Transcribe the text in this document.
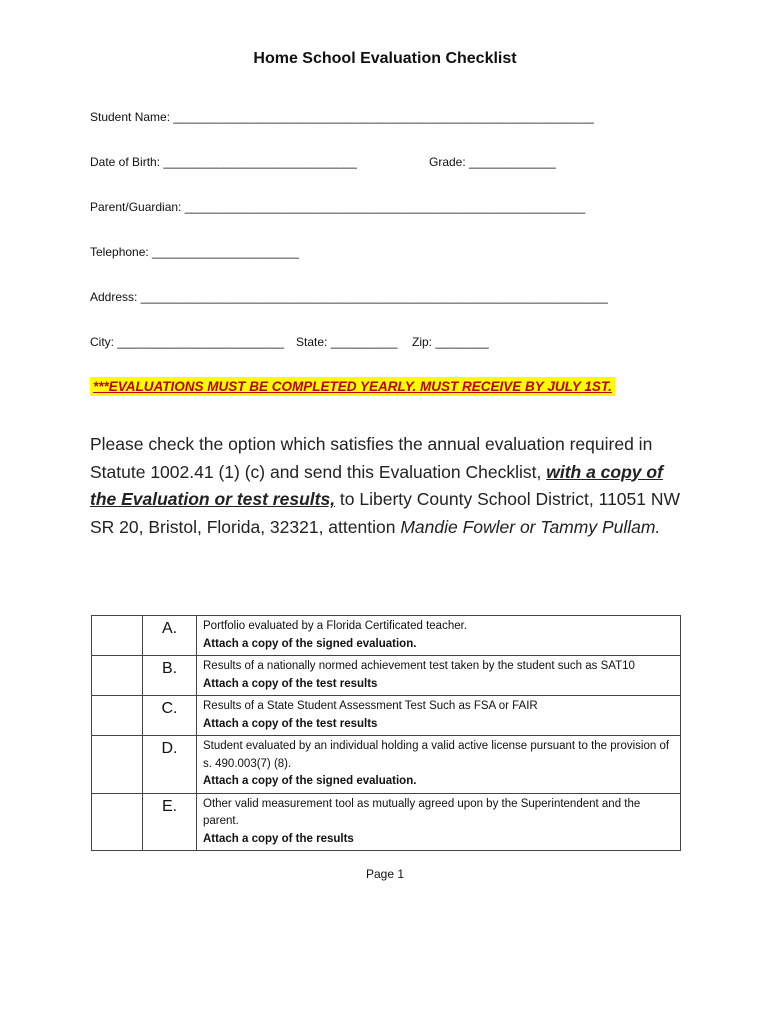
Home School Evaluation Checklist
Student Name: _______________________________________________________________
Date of Birth: _____________________________	Grade: _____________
Parent/Guardian: ____________________________________________________________
Telephone: ______________________
Address: ______________________________________________________________________
City: _________________________ State: __________ Zip: ________
***EVALUATIONS MUST BE COMPLETED YEARLY. MUST RECEIVE BY JULY 1ST.
Please check the option which satisfies the annual evaluation required in Statute 1002.41 (1) (c) and send this Evaluation Checklist, with a copy of the Evaluation or test results, to Liberty County School District, 11051 NW SR 20, Bristol, Florida, 32321, attention Mandie Fowler or Tammy Pullam.
	A.	Portfolio evaluated by a Florida Certificated teacher.
Attach a copy of the signed evaluation.

	B.	Results of a nationally normed achievement test taken by the student such as SAT10
Attach a copy of the test results

	C.	Results of a State Student Assessment Test Such as FSA or FAIR
Attach a copy of the test results

	D.	Student evaluated by an individual holding a valid active license pursuant to the provision of s. 490.003(7) (8).
Attach a copy of the signed evaluation.

	E.	Other valid measurement tool as mutually agreed upon by the Superintendent and the parent.
Attach a copy of the results
Page 1
